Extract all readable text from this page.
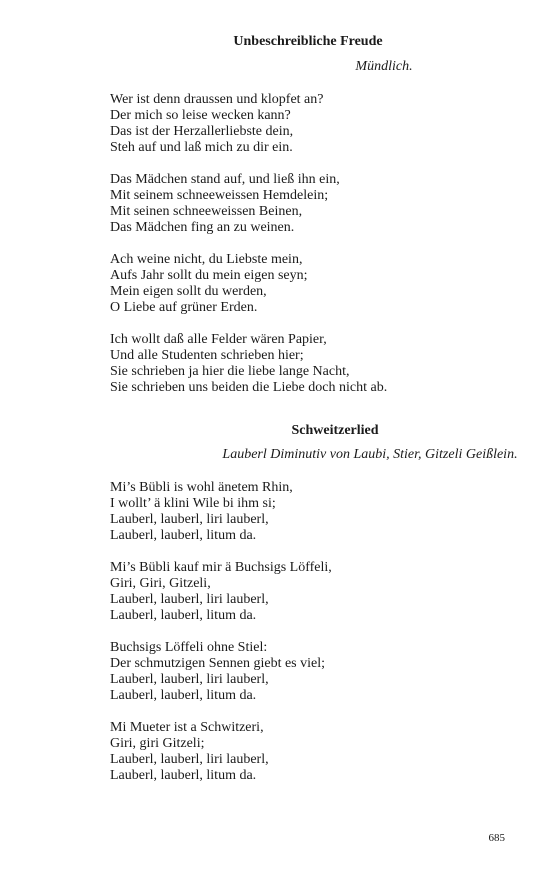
Unbeschreibliche Freude
Mündlich.
Wer ist denn draussen und klopfet an?
Der mich so leise wecken kann?
Das ist der Herzallerliebste dein,
Steh auf und laß mich zu dir ein.
Das Mädchen stand auf, und ließ ihn ein,
Mit seinem schneeweissen Hemdelein;
Mit seinen schneeweissen Beinen,
Das Mädchen fing an zu weinen.
Ach weine nicht, du Liebste mein,
Aufs Jahr sollt du mein eigen seyn;
Mein eigen sollt du werden,
O Liebe auf grüner Erden.
Ich wollt daß alle Felder wären Papier,
Und alle Studenten schrieben hier;
Sie schrieben ja hier die liebe lange Nacht,
Sie schrieben uns beiden die Liebe doch nicht ab.
Schweitzerlied
Lauberl Diminutiv von Laubi, Stier, Gitzeli Geißlein.
Mi’s Bübli is wohl änetem Rhin,
I wollt’ ä klini Wile bi ihm si;
Lauberl, lauberl, liri lauberl,
Lauberl, lauberl, litum da.
Mi’s Bübli kauf mir ä Buchsigs Löffeli,
Giri, Giri, Gitzeli,
Lauberl, lauberl, liri lauberl,
Lauberl, lauberl, litum da.
Buchsigs Löffeli ohne Stiel:
Der schmutzigen Sennen giebt es viel;
Lauberl, lauberl, liri lauberl,
Lauberl, lauberl, litum da.
Mi Mueter ist a Schwitzeri,
Giri, giri Gitzeli;
Lauberl, lauberl, liri lauberl,
Lauberl, lauberl, litum da.
685
